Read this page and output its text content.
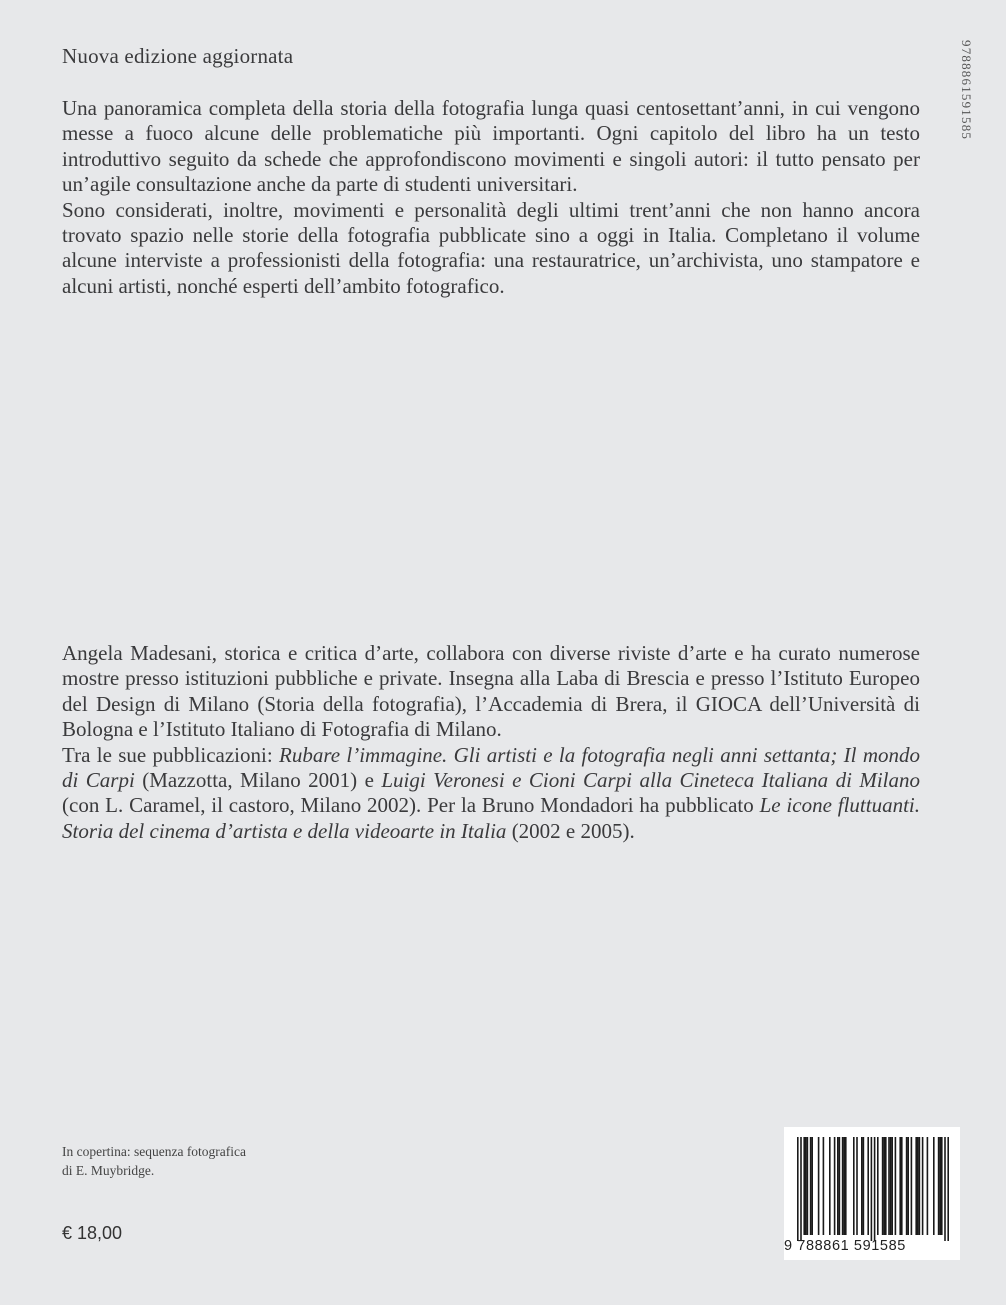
Nuova edizione aggiornata

Una panoramica completa della storia della fotografia lunga quasi centosettant’anni, in cui vengono messe a fuoco alcune delle problematiche più importanti. Ogni capitolo del libro ha un testo introduttivo seguito da schede che approfondiscono movimenti e singoli autori: il tutto pensato per un’agile consultazione anche da parte di studenti universitari.

Sono considerati, inoltre, movimenti e personalità degli ultimi trent’anni che non hanno ancora trovato spazio nelle storie della fotografia pubblicate sino a oggi in Italia. Completano il volume alcune interviste a professionisti della fotografia: una restauratrice, un’archivista, uno stampatore e alcuni artisti, nonché esperti dell’ambito fotografico.

Angela Madesani, storica e critica d’arte, collabora con diverse riviste d’arte e ha curato numerose mostre presso istituzioni pubbliche e private. Insegna alla Laba di Brescia e presso l’Istituto Europeo del Design di Milano (Storia della fotografia), l’Accademia di Brera, il GIOCA dell’Università di Bologna e l’Istituto Italiano di Fotografia di Milano.

Tra le sue pubblicazioni: Rubare l’immagine. Gli artisti e la fotografia negli anni settanta; Il mondo di Carpi (Mazzotta, Milano 2001) e Luigi Veronesi e Cioni Carpi alla Cineteca Italiana di Milano (con L. Caramel, il castoro, Milano 2002). Per la Bruno Mondadori ha pubblicato Le icone fluttuanti. Storia del cinema d’artista e della videoarte in Italia (2002 e 2005).

9788861591585
In copertina: sequenza fotografica
di E. Muybridge.
€ 18,00
9 788861 591585
